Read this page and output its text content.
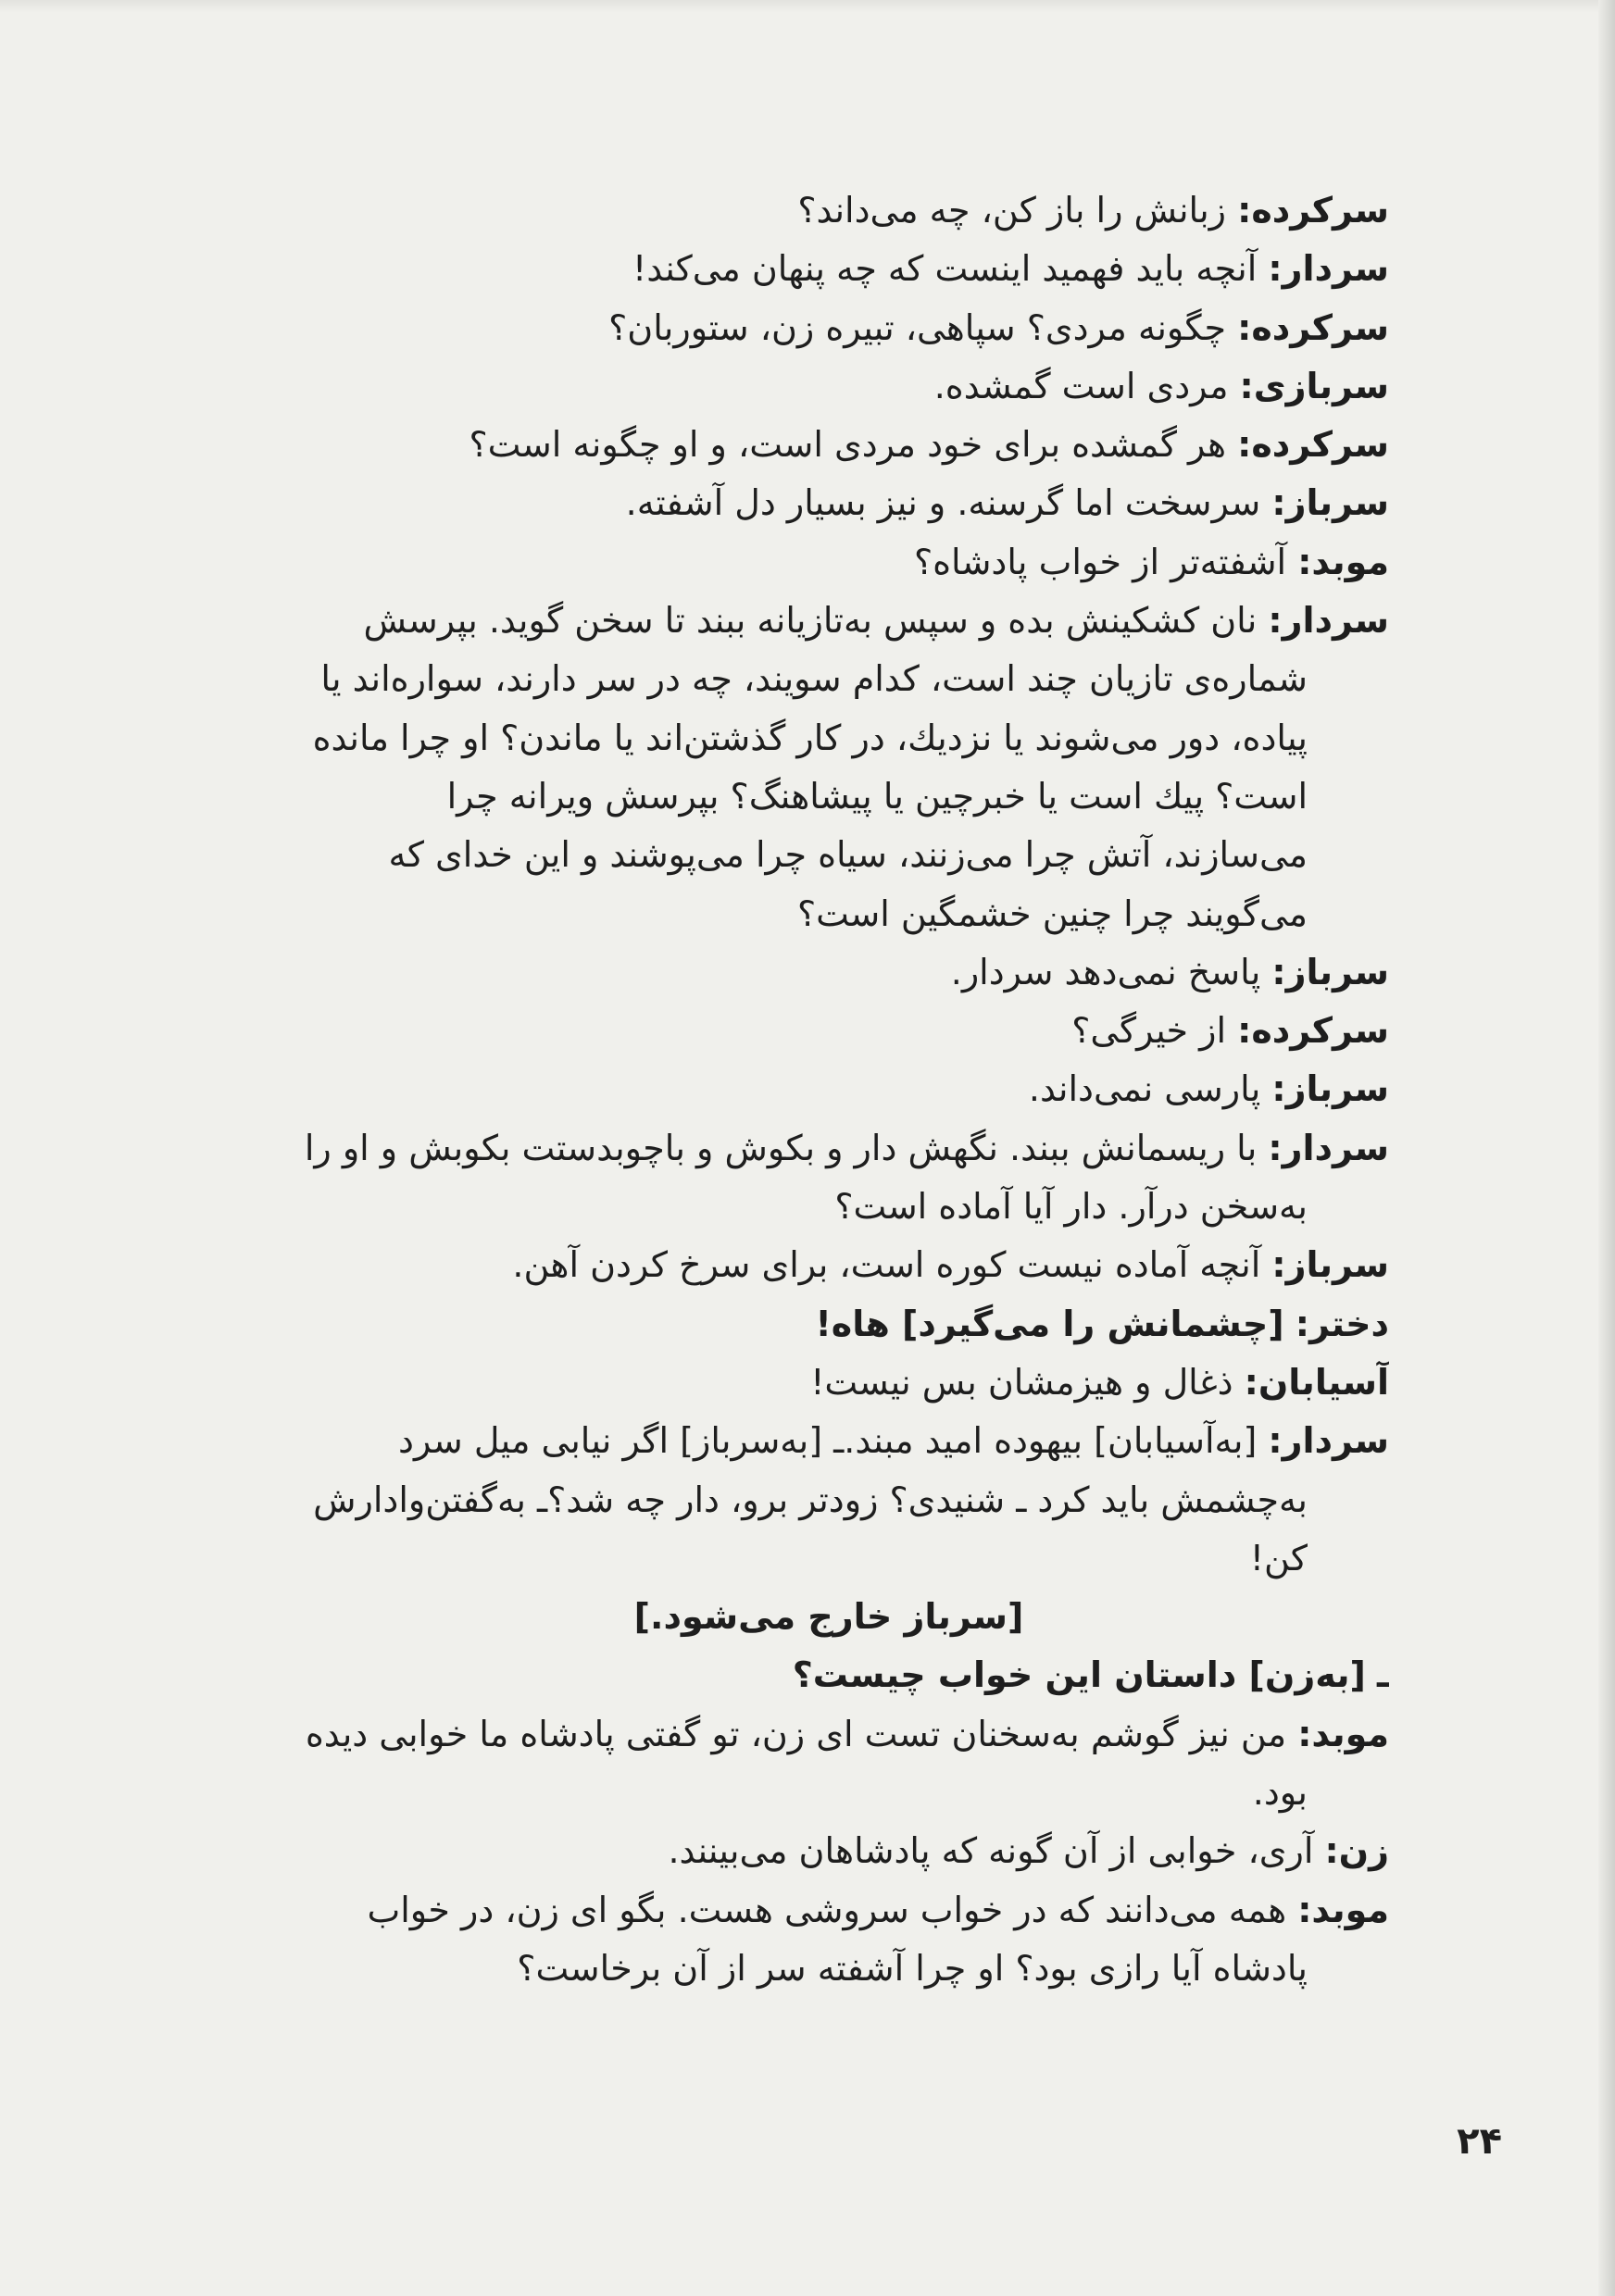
سرکرده: زبانش را باز کن، چه می‌داند؟
سردار: آنچه باید فهمید اینست که چه پنهان می‌کند!
سرکرده: چگونه مردی؟ سپاهی، تبیره زن، ستوربان؟
سربازی: مردی است گمشده.
سرکرده: هر گمشده برای خود مردی است، و او چگونه است؟
سرباز: سرسخت اما گرسنه. و نیز بسیار دل آشفته.
موبد: آشفته‌تر از خواب پادشاه؟
سردار: نان کشکینش بده و سپس به‌تازیانه ببند تا سخن گوید. بپرسش
شماره‌ی تازیان چند است، کدام سویند، چه در سر دارند، سواره‌اند یا
پیاده، دور می‌شوند یا نزدیك، در کار گذشتن‌اند یا ماندن؟ او چرا مانده
است؟ پیك است یا خبرچین یا پیشاهنگ؟ بپرسش ویرانه چرا
می‌سازند، آتش چرا می‌زنند، سیاه چرا می‌پوشند و این خدای که
می‌گویند چرا چنین خشمگین است؟
سرباز: پاسخ نمی‌دهد سردار.
سرکرده: از خیرگی؟
سرباز: پارسی نمی‌داند.
سردار: با ریسمانش ببند. نگهش دار و بکوش و باچوبدستت بکوبش و او را
به‌سخن درآر. دار آیا آماده است؟
سرباز: آنچه آماده نیست کوره است، برای سرخ کردن آهن.
دختر: [چشمانش را می‌گیرد] هاه!
آسیابان: ذغال و هیزمشان بس نیست!
سردار: [به‌آسیابان] بیهوده امید مبند.ـ [به‌سرباز] اگر نیابی میل سرد
به‌چشمش باید کرد ـ شنیدی؟ زودتر برو، دار چه شد؟ـ به‌گفتن‌وادارش
کن!
[سرباز خارج می‌شود.]
ـ [به‌زن] داستان این خواب چیست؟
موبد: من نیز گوشم به‌سخنان تست ای زن، تو گفتی پادشاه ما خوابی دیده
بود.
زن: آری، خوابی از آن گونه که پادشاهان می‌بینند.
موبد: همه می‌دانند که در خواب سروشی هست. بگو ای زن، در خواب
پادشاه آیا رازی بود؟ او چرا آشفته سر از آن برخاست؟
۲۴
